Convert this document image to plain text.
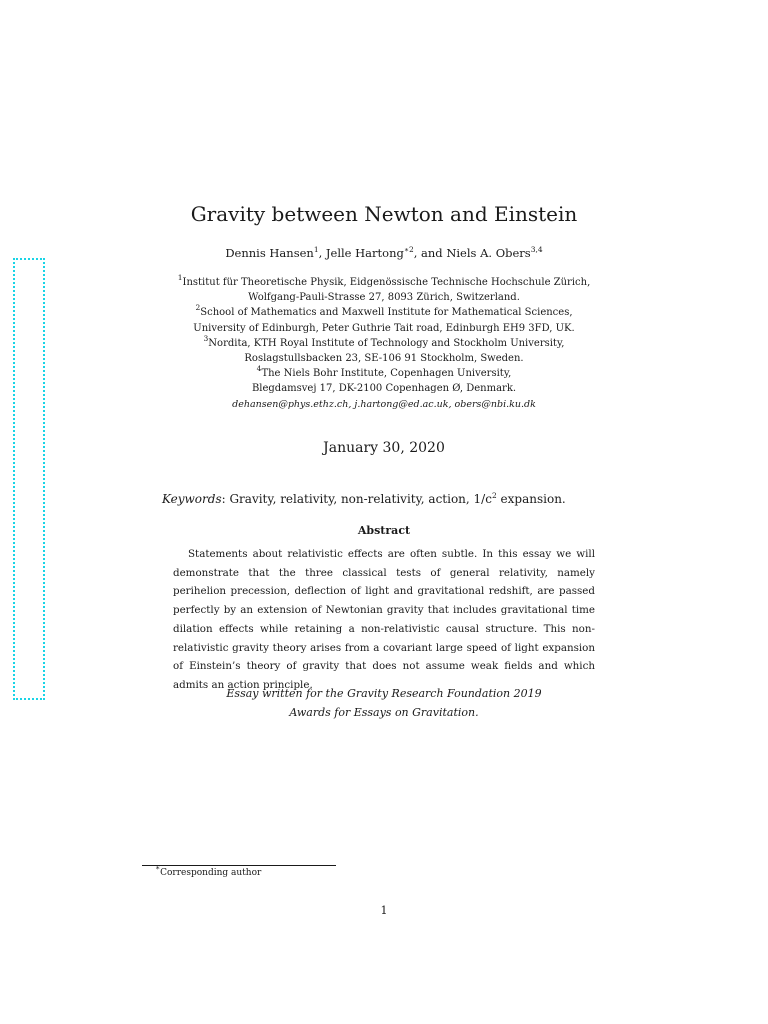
Gravity between Newton and Einstein
Dennis Hansen$^1$, Jelle Hartong$^{∗2}$, and Niels A. Obers$^{3,4}$
$^1$Institut für Theoretische Physik, Eidgenössische Technische Hochschule Zürich,
Wolfgang-Pauli-Strasse 27, 8093 Zürich, Switzerland.
$^2$School of Mathematics and Maxwell Institute for Mathematical Sciences,
University of Edinburgh, Peter Guthrie Tait road, Edinburgh EH9 3FD, UK.
$^3$Nordita, KTH Royal Institute of Technology and Stockholm University,
Roslagstullsbacken 23, SE-106 91 Stockholm, Sweden.
$^4$The Niels Bohr Institute, Copenhagen University,
Blegdamsvej 17, DK-2100 Copenhagen Ø, Denmark.
dehansen@phys.ethz.ch, j.hartong@ed.ac.uk, obers@nbi.ku.dk
January 30, 2020
Keywords: Gravity, relativity, non-relativity, action, $1/c^2$ expansion.
Abstract

Statements about relativistic effects are often subtle. In this essay we will demonstrate that the three classical tests of general relativity, namely perihelion precession, deflection of light and gravitational redshift, are passed perfectly by an extension of Newtonian gravity that includes gravitational time dilation effects while retaining a non-relativistic causal structure. This non-relativistic gravity theory arises from a covariant large speed of light expansion of Einstein’s theory of gravity that does not assume weak fields and which admits an action principle.

Essay written for the Gravity Research Foundation 2019
Awards for Essays on Gravitation.
∗Corresponding author
1
